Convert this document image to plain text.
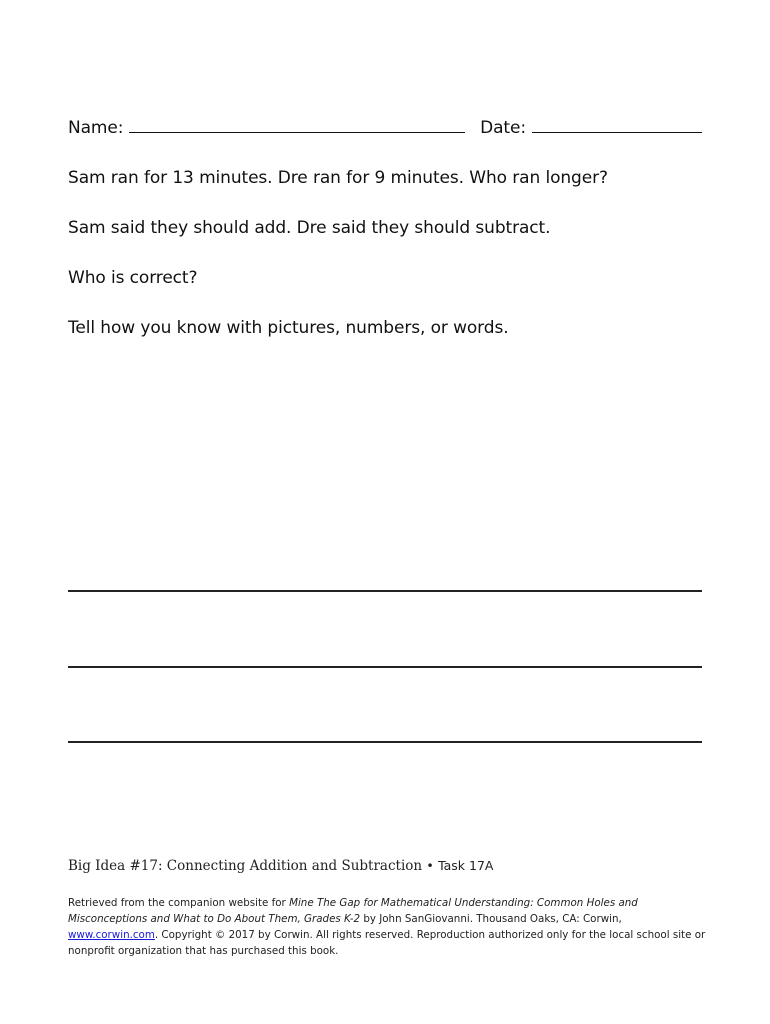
Name:	Date:
Sam ran for 13 minutes. Dre ran for 9 minutes. Who ran longer?
Sam said they should add. Dre said they should subtract.
Who is correct?
Tell how you know with pictures, numbers, or words.
Big Idea #17: Connecting Addition and Subtraction • Task 17A
Retrieved from the companion website for Mine The Gap for Mathematical Understanding: Common Holes and
Misconceptions and What to Do About Them, Grades K-2 by John SanGiovanni. Thousand Oaks, CA: Corwin,
www.corwin.com. Copyright © 2017 by Corwin. All rights reserved. Reproduction authorized only for the local school site or
nonprofit organization that has purchased this book.
